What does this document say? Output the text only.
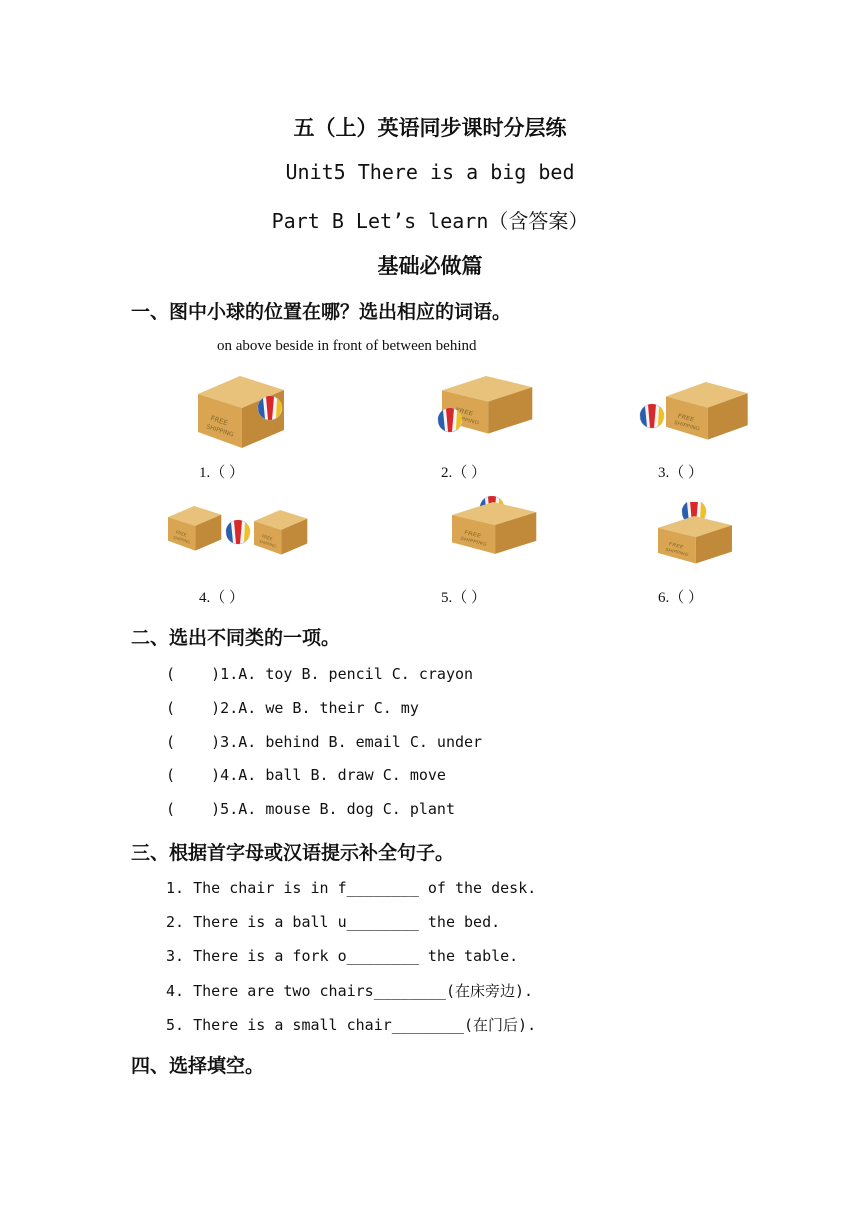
五（上）英语同步课时分层练
Unit5 There is a big bed
Part B Let’s learn（含答案）
基础必做篇
一、图中小球的位置在哪？选出相应的词语。
on above beside in front of between behind
1.（ ）	2.（ ）	3.（ ）
4.（ ）	5.（ ）	6.（ ）
二、选出不同类的一项。
(    )1.A. toy B. pencil C. crayon
(    )2.A. we B. their C. my
(    )3.A. behind B. email C. under
(    )4.A. ball B. draw C. move
(    )5.A. mouse B. dog C. plant
三、根据首字母或汉语提示补全句子。
1. The chair is in f________ of the desk.
2. There is a ball u________ the bed.
3. There is a fork o________ the table.
4. There are two chairs________(在床旁边).
5. There is a small chair________(在门后).
四、选择填空。
